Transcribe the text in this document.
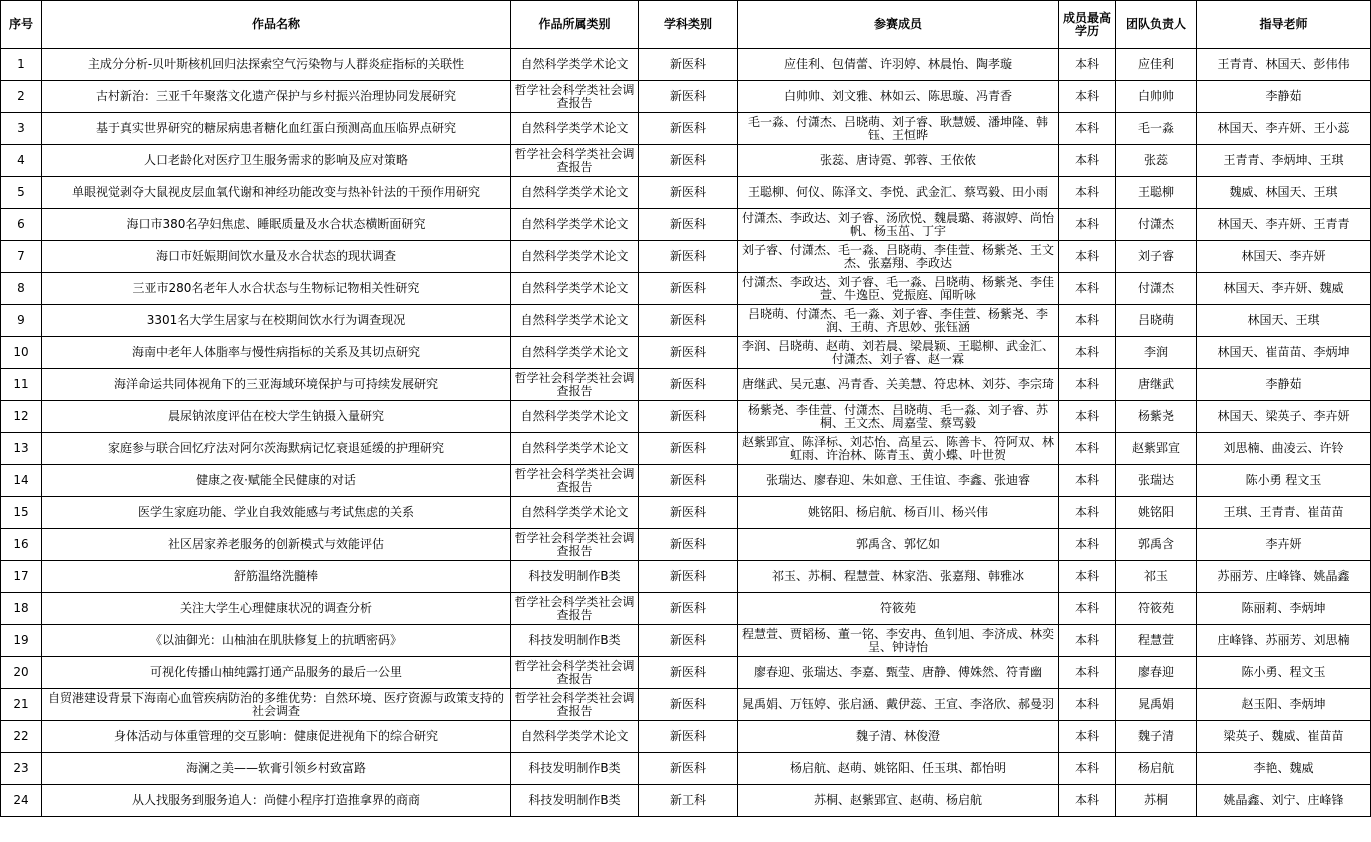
序号	作品名称	作品所属类别	学科类别	参赛成员	成员最高学历	团队负责人	指导老师
1	主成分分析-贝叶斯核机回归法探索空气污染物与人群炎症指标的关联性	自然科学类学术论文	新医科	应佳利、包倩蕾、许羽婷、林晨怡、陶孝璇	本科	应佳利	王青青、林国天、彭伟伟
2	古村新治：三亚千年聚落文化遗产保护与乡村振兴治理协同发展研究	哲学社会科学类社会调查报告	新医科	白帅帅、刘文雅、林如云、陈思璇、冯青香	本科	白帅帅	李静茹
3	基于真实世界研究的糖尿病患者糖化血红蛋白预测高血压临界点研究	自然科学类学术论文	新医科	毛一淼、付潇杰、吕晓萌、刘子睿、耿慧媛、潘坤隆、韩钰、王恒晔	本科	毛一淼	林国天、李卉妍、王小蕊
4	人口老龄化对医疗卫生服务需求的影响及应对策略	哲学社会科学类社会调查报告	新医科	张蕊、唐诗霓、郭蓉、王依侬	本科	张蕊	王青青、李炳坤、王琪
5	单眼视觉剥夺大鼠视皮层血氧代谢和神经功能改变与热补针法的干预作用研究	自然科学类学术论文	新医科	王聪柳、何仪、陈泽文、李悦、武金汇、蔡骂毅、田小雨	本科	王聪柳	魏威、林国天、王琪
6	海口市380名孕妇焦虑、睡眠质量及水合状态横断面研究	自然科学类学术论文	新医科	付潇杰、李政达、刘子睿、汤欣悦、魏晨璐、蒋淑婷、尚怡帆、杨玉茁、丁宇	本科	付潇杰	林国天、李卉妍、王青青
7	海口市妊娠期间饮水量及水合状态的现状调查	自然科学类学术论文	新医科	刘子睿、付潇杰、毛一淼、吕晓萌、李佳萱、杨紫尧、王文杰、张嘉翔、李政达	本科	刘子睿	林国天、李卉妍
8	三亚市280名老年人水合状态与生物标记物相关性研究	自然科学类学术论文	新医科	付潇杰、李政达、刘子睿、毛一淼、吕晓萌、杨紫尧、李佳萱、牛逸臣、党振庭、闻昕咏	本科	付潇杰	林国天、李卉妍、魏威
9	3301名大学生居家与在校期间饮水行为调查现况	自然科学类学术论文	新医科	吕晓萌、付潇杰、毛一淼、刘子睿、李佳萱、杨紫尧、李润、王萌、齐思妙、张钰涵	本科	吕晓萌	林国天、王琪
10	海南中老年人体脂率与慢性病指标的关系及其切点研究	自然科学类学术论文	新医科	李润、吕晓萌、赵萌、刘若晨、梁晨颖、王聪柳、武金汇、付潇杰、刘子睿、赵一霖	本科	李润	林国天、崔苗苗、李炳坤
11	海洋命运共同体视角下的三亚海域环境保护与可持续发展研究	哲学社会科学类社会调查报告	新医科	唐继武、吴元惠、冯青香、关美慧、符忠林、刘芬、李宗琦	本科	唐继武	李静茹
12	晨尿钠浓度评估在校大学生钠摄入量研究	自然科学类学术论文	新医科	杨紫尧、李佳萱、付潇杰、吕晓萌、毛一淼、刘子睿、苏桐、王文杰、周嘉莹、蔡骂毅	本科	杨紫尧	林国天、梁英子、李卉妍
13	家庭参与联合回忆疗法对阿尔茨海默病记忆衰退延缓的护理研究	自然科学类学术论文	新医科	赵紫郢宣、陈泽标、刘芯怡、高星云、陈善卡、符阿双、林虹雨、许治林、陈青玉、黄小蝶、叶世贺	本科	赵紫郢宣	刘思楠、曲凌云、许铃
14	健康之夜·赋能全民健康的对话	哲学社会科学类社会调查报告	新医科	张瑞达、廖春迎、朱如意、王佳谊、李鑫、张迪睿	本科	张瑞达	陈小勇 程文玉
15	医学生家庭功能、学业自我效能感与考试焦虑的关系	自然科学类学术论文	新医科	姚铭阳、杨启航、杨百川、杨兴伟	本科	姚铭阳	王琪、王青青、崔苗苗
16	社区居家养老服务的创新模式与效能评估	哲学社会科学类社会调查报告	新医科	郭禹含、郭忆如	本科	郭禹含	李卉妍
17	舒筋温络洗髓棒	科技发明制作B类	新医科	祁玉、苏桐、程慧萱、林家浩、张嘉翔、韩雅冰	本科	祁玉	苏丽芳、庄峰锋、姚晶鑫
18	关注大学生心理健康状况的调查分析	哲学社会科学类社会调查报告	新医科	符筱苑	本科	符筱苑	陈丽莉、李炳坤
19	《以油御光：山柚油在肌肤修复上的抗晒密码》	科技发明制作B类	新医科	程慧萱、贾韬杨、董一铭、李安冉、鱼钊旭、李济成、林奕呈、钟诗怡	本科	程慧萱	庄峰锋、苏丽芳、刘思楠
20	可视化传播山柚纯露打通产品服务的最后一公里	哲学社会科学类社会调查报告	新医科	廖春迎、张瑞达、李嘉、甄莹、唐静、傅姝然、符青幽	本科	廖春迎	陈小勇、程文玉
21	自贸港建设背景下海南心血管疾病防治的多维优势：自然环境、医疗资源与政策支持的社会调查	哲学社会科学类社会调查报告	新医科	晁禹娟、万钰婷、张启涵、戴伊蕊、王宣、李洛欣、郝曼羽	本科	晁禹娟	赵玉阳、李炳坤
22	身体活动与体重管理的交互影响：健康促进视角下的综合研究	自然科学类学术论文	新医科	魏子清、林俊澄	本科	魏子清	梁英子、魏威、崔苗苗
23	海澜之美——软膏引领乡村致富路	科技发明制作B类	新医科	杨启航、赵萌、姚铭阳、任玉琪、都怡明	本科	杨启航	李艳、魏威
24	从人找服务到服务追人：尚健小程序打造推拿界的商商	科技发明制作B类	新工科	苏桐、赵紫郢宣、赵萌、杨启航	本科	苏桐	姚晶鑫、刘宁、庄峰锋
